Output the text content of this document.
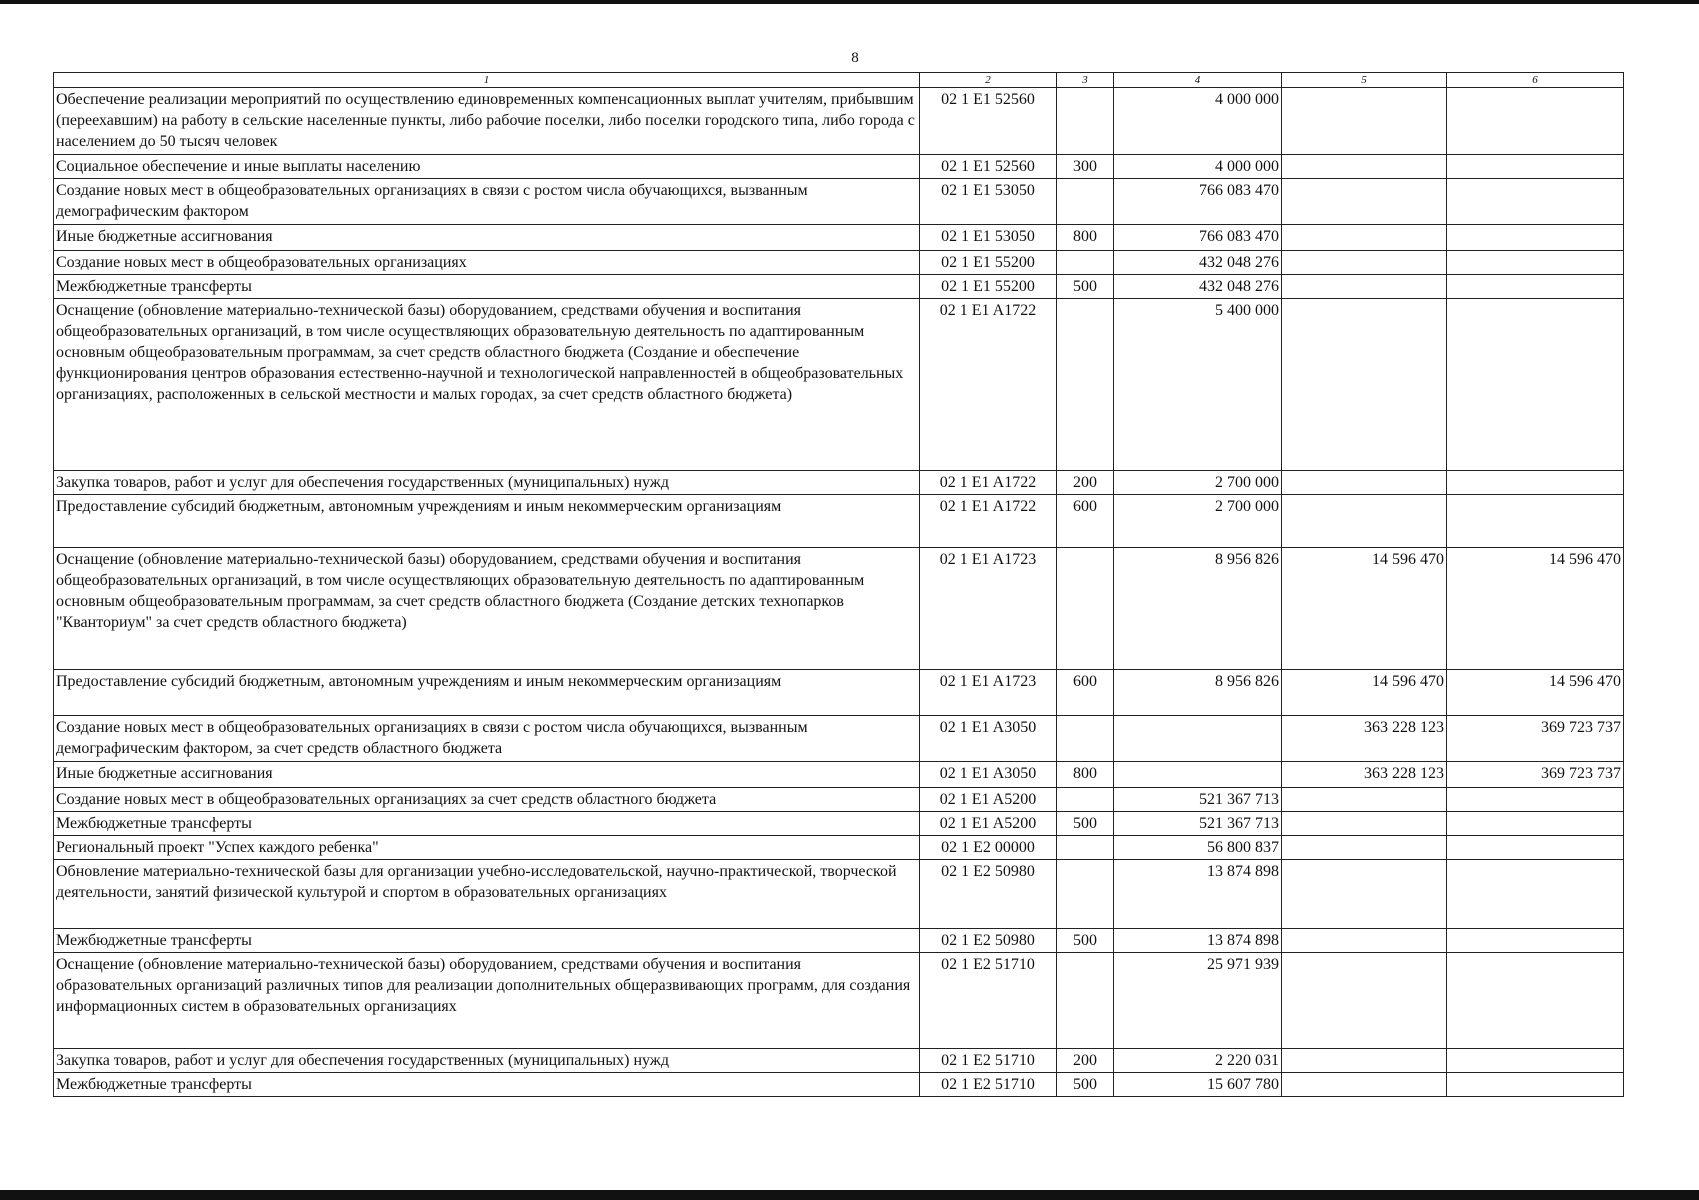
8
1	2	3	4	5	6
Обеспечение реализации мероприятий по осуществлению единовременных компенсационных выплат учителям, прибывшим (переехавшим) на работу в сельские населенные пункты, либо рабочие поселки, либо поселки городского типа, либо города с населением до 50 тысяч человек	02 1 E1 52560		4 000 000		
Социальное обеспечение и иные выплаты населению	02 1 E1 52560	300	4 000 000		
Создание новых мест в общеобразовательных организациях в связи с ростом числа обучающихся, вызванным демографическим фактором	02 1 E1 53050		766 083 470		
Иные бюджетные ассигнования	02 1 E1 53050	800	766 083 470		
Создание новых мест в общеобразовательных организациях	02 1 E1 55200		432 048 276		
Межбюджетные трансферты	02 1 E1 55200	500	432 048 276		
Оснащение (обновление материально-технической базы) оборудованием, средствами обучения и воспитания общеобразовательных организаций, в том числе осуществляющих образовательную деятельность по адаптированным основным общеобразовательным программам, за счет средств областного бюджета (Создание и обеспечение функционирования центров образования естественно-научной и технологической направленностей в общеобразовательных организациях, расположенных в сельской местности и малых городах, за счет средств областного бюджета)	02 1 E1 A1722		5 400 000		
Закупка товаров, работ и услуг для обеспечения государственных (муниципальных) нужд	02 1 E1 A1722	200	2 700 000		
Предоставление субсидий бюджетным, автономным учреждениям и иным некоммерческим организациям	02 1 E1 A1722	600	2 700 000		
Оснащение (обновление материально-технической базы) оборудованием, средствами обучения и воспитания общеобразовательных организаций, в том числе осуществляющих образовательную деятельность по адаптированным основным общеобразовательным программам, за счет средств областного бюджета (Создание детских технопарков "Кванториум" за счет средств областного бюджета)	02 1 E1 A1723		8 956 826	14 596 470	14 596 470
Предоставление субсидий бюджетным, автономным учреждениям и иным некоммерческим организациям	02 1 E1 A1723	600	8 956 826	14 596 470	14 596 470
Создание новых мест в общеобразовательных организациях в связи с ростом числа обучающихся, вызванным демографическим фактором, за счет средств областного бюджета	02 1 E1 A3050			363 228 123	369 723 737
Иные бюджетные ассигнования	02 1 E1 A3050	800		363 228 123	369 723 737
Создание новых мест в общеобразовательных организациях за счет средств областного бюджета	02 1 E1 A5200		521 367 713		
Межбюджетные трансферты	02 1 E1 A5200	500	521 367 713		
Региональный проект "Успех каждого ребенка"	02 1 E2 00000		56 800 837		
Обновление материально-технической базы для организации учебно-исследовательской, научно-практической, творческой деятельности, занятий физической культурой и спортом в образовательных организациях	02 1 E2 50980		13 874 898		
Межбюджетные трансферты	02 1 E2 50980	500	13 874 898		
Оснащение (обновление материально-технической базы) оборудованием, средствами обучения и воспитания образовательных организаций различных типов для реализации дополнительных общеразвивающих программ, для создания информационных систем в образовательных организациях	02 1 E2 51710		25 971 939		
Закупка товаров, работ и услуг для обеспечения государственных (муниципальных) нужд	02 1 E2 51710	200	2 220 031		
Межбюджетные трансферты	02 1 E2 51710	500	15 607 780		
